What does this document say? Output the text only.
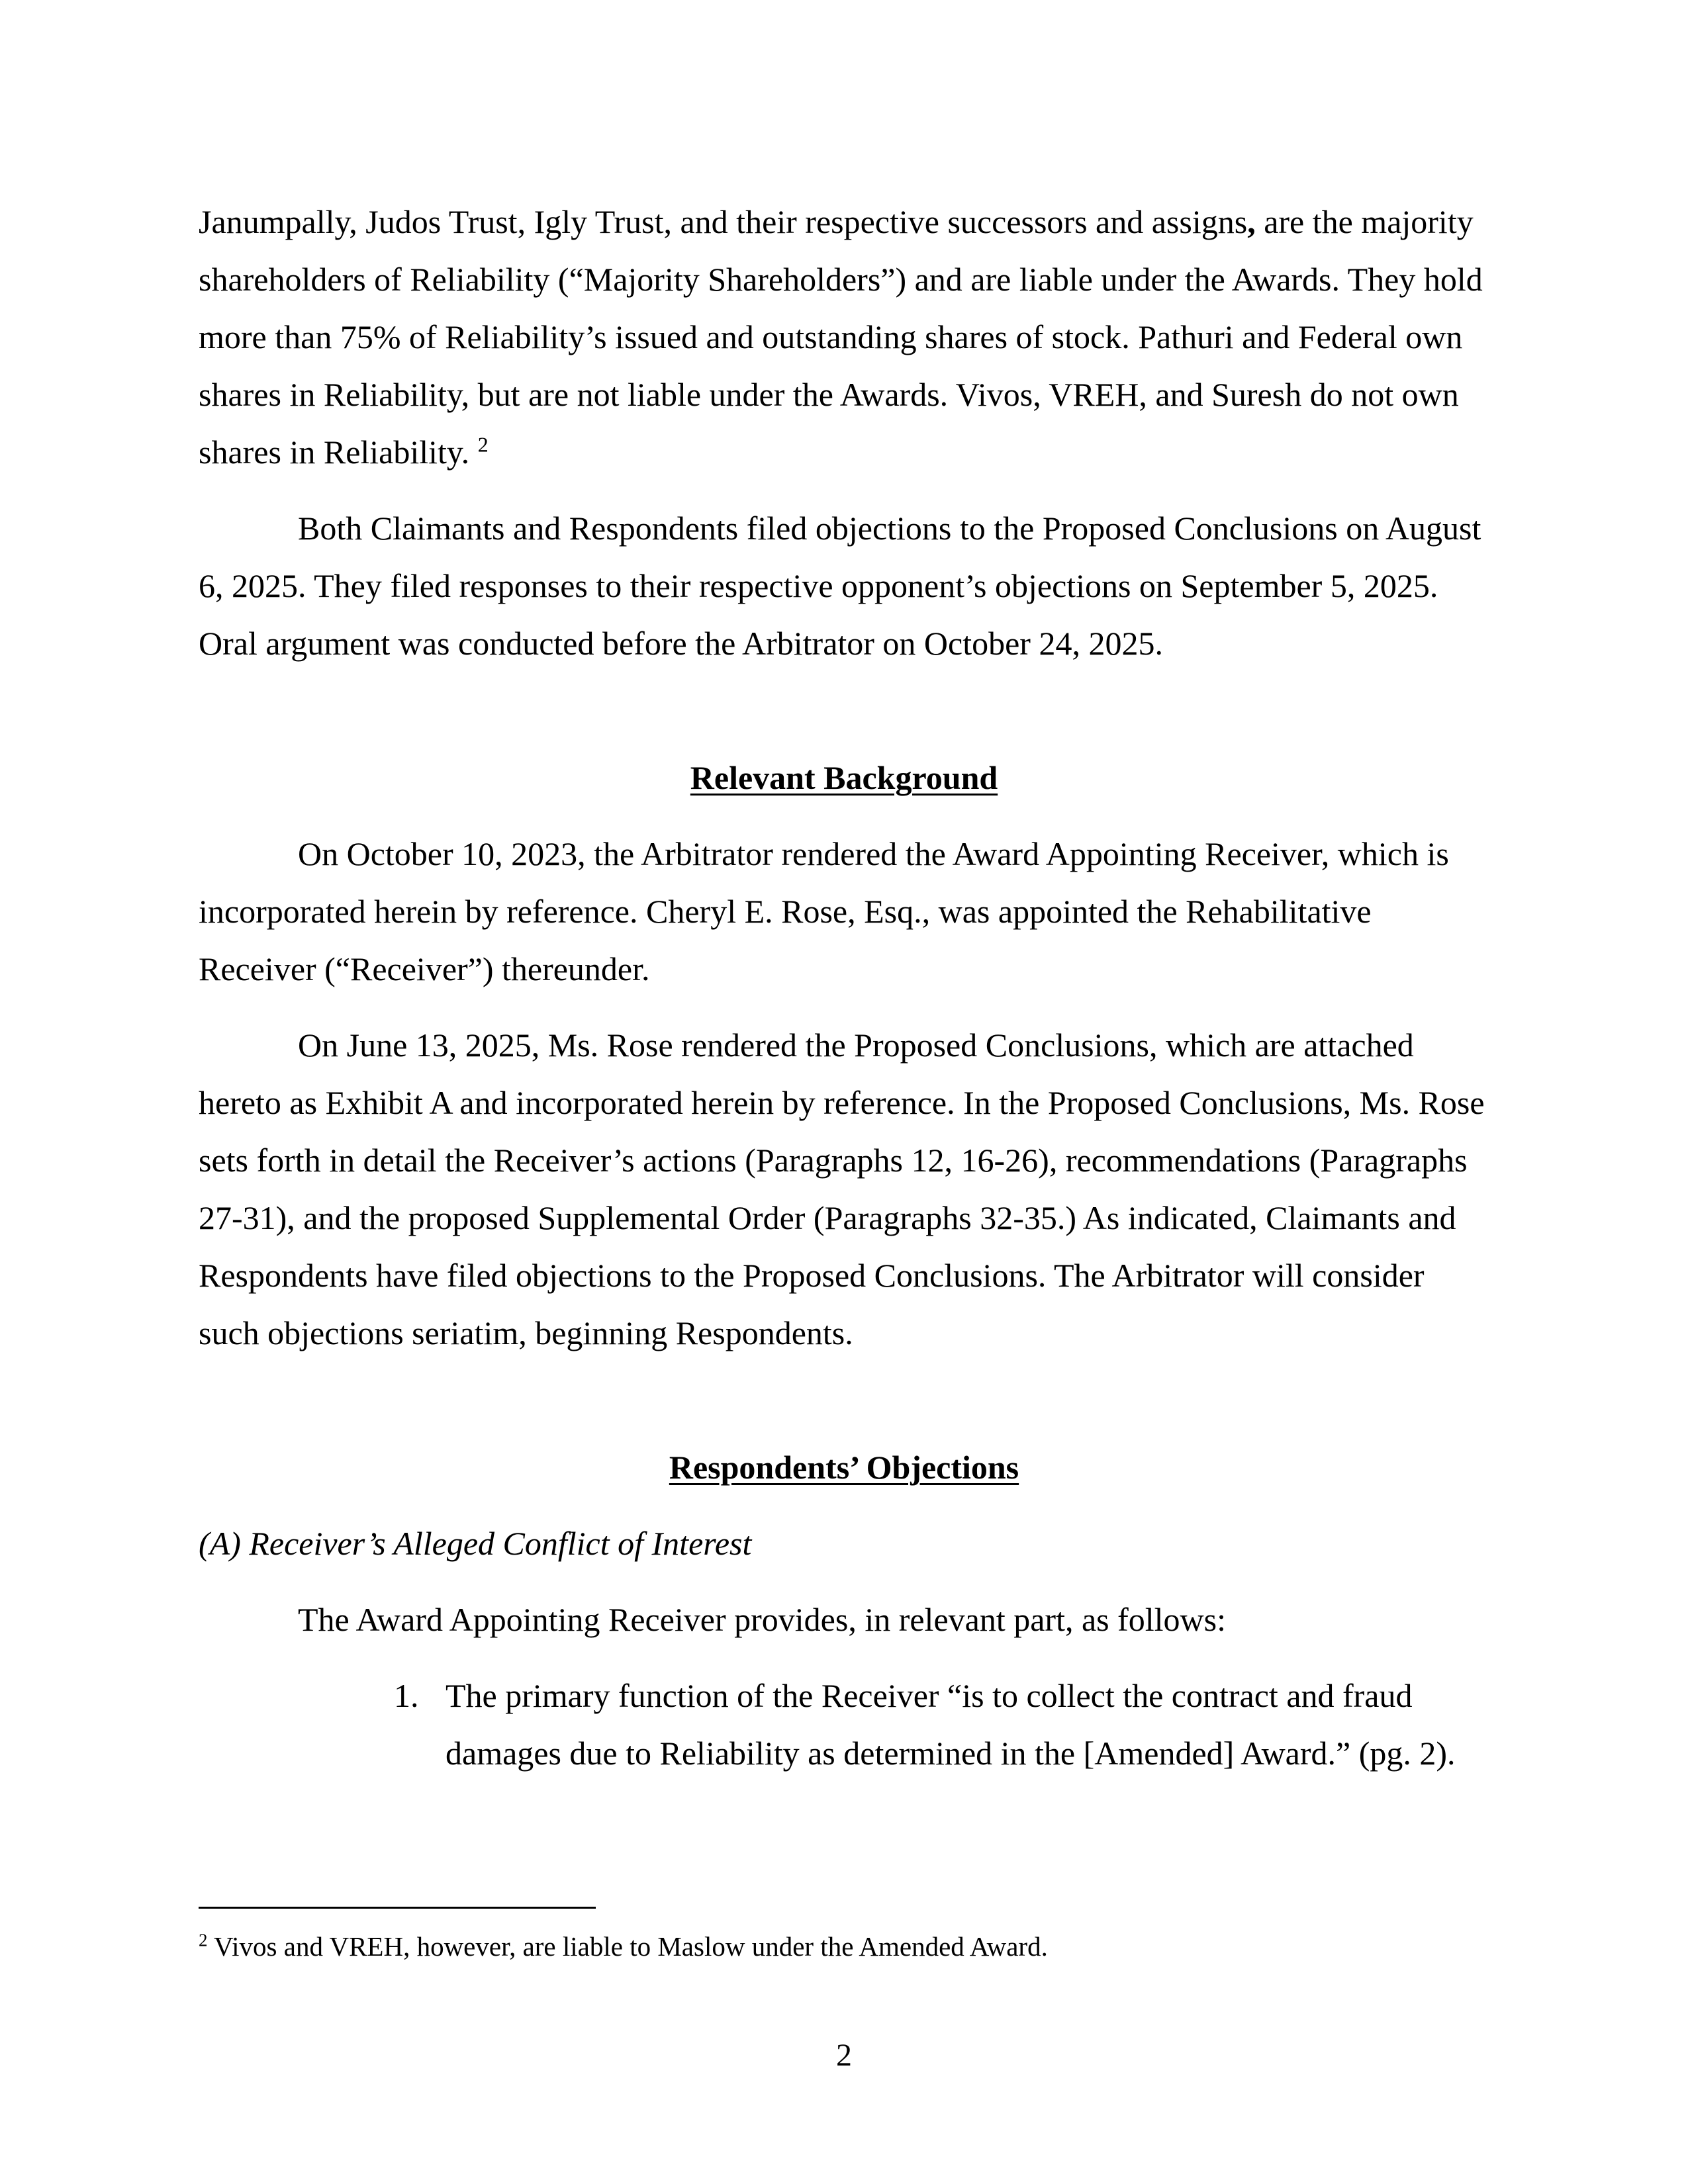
Janumpally, Judos Trust, Igly Trust, and their respective successors and assigns, are the majority shareholders of Reliability (“Majority Shareholders”) and are liable under the Awards. They hold more than 75% of Reliability’s issued and outstanding shares of stock. Pathuri and Federal own shares in Reliability, but are not liable under the Awards. Vivos, VREH, and Suresh do not own shares in Reliability. $^2$

Both Claimants and Respondents filed objections to the Proposed Conclusions on August 6, 2025. They filed responses to their respective opponent’s objections on September 5, 2025. Oral argument was conducted before the Arbitrator on October 24, 2025.

Relevant Background

On October 10, 2023, the Arbitrator rendered the Award Appointing Receiver, which is incorporated herein by reference. Cheryl E. Rose, Esq., was appointed the Rehabilitative Receiver (“Receiver”) thereunder.

On June 13, 2025, Ms. Rose rendered the Proposed Conclusions, which are attached hereto as Exhibit A and incorporated herein by reference. In the Proposed Conclusions, Ms. Rose sets forth in detail the Receiver’s actions (Paragraphs 12, 16-26), recommendations (Paragraphs 27-31), and the proposed Supplemental Order (Paragraphs 32-35.) As indicated, Claimants and Respondents have filed objections to the Proposed Conclusions. The Arbitrator will consider such objections seriatim, beginning Respondents.

Respondents’ Objections

(A) Receiver’s Alleged Conflict of Interest

The Award Appointing Receiver provides, in relevant part, as follows:

1. The primary function of the Receiver “is to collect the contract and fraud damages due to Reliability as determined in the [Amended] Award.” (pg. 2).

$^2$ Vivos and VREH, however, are liable to Maslow under the Amended Award.

2
